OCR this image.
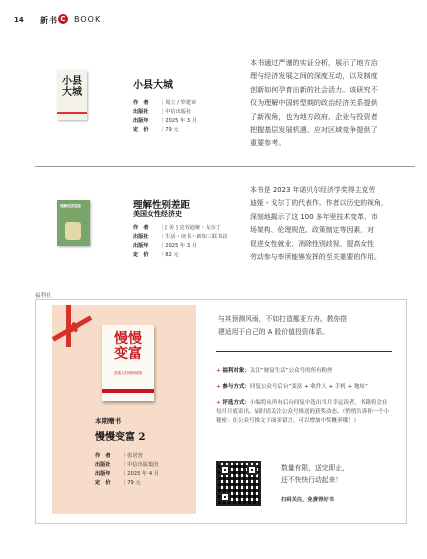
14 新书 C	BOOK
小县大城
小县大城
作　者 ｜周立 / 罗建章
出版社 ｜中信出版社
出版年 ｜2025 年 3 月
定　价 ｜79 元
本书通过严谨的实证分析，展示了地方治
理与经济发展之间的深度互动，以及制度
创新如何孕育出新的社会活力。该研究不
仅为理解中国转型期的政治经济关系提供
了新视角，也为地方政府、企业与投资者
把握基层发展机遇、应对区域竞争提供了
重要参考。
理解性别差距	理解性别差距
美国女性经济史
作　者 ｜[ 美 ] 克劳迪娅・戈尔丁
出版社 ｜生活・读书・新知三联书店
出版年 ｜2025 年 3 月
定　价 ｜82 元
本书是 2023 年诺贝尔经济学奖得主克劳
迪娅・戈尔丁的代表作。作者以历史的视角，
深刻地揭示了这 100 多年里技术变革、市
场架构、伦理规范、政策制定等因素，对
促进女性就业、消除性别歧视、提高女性
劳动参与率所能够发挥的至关重要的作用。
福利社
✿
慢慢变富
普通人的理财地图
本期赠书
慢慢变富 2
作　者 ｜张居营
出版社 ｜中信出版集团
出版年 ｜2025 年 4 月
定　价 ｜79 元
与其预测风雨，不如打造挪亚方舟。教你搭
建适用于自己的 A 股价值投资体系。
+ 福利对象：关注“财富生活”公众号的所有粉丝
+ 参与方式：回复公众号后台“变富 + 收件人 + 手机 + 地址”
+ 评选方式：小编将从所有后台回复中选出当月幸运读者，书籍将会在每月月底寄出，届时请关注公众号推送的获奖动态。（悄悄告诉你一个小秘密：在公众号推文下面多留言，可以增加中奖概率哦！）
数量有限，送完即止，
还不快快行动起来！
扫码关注，免费得好书
